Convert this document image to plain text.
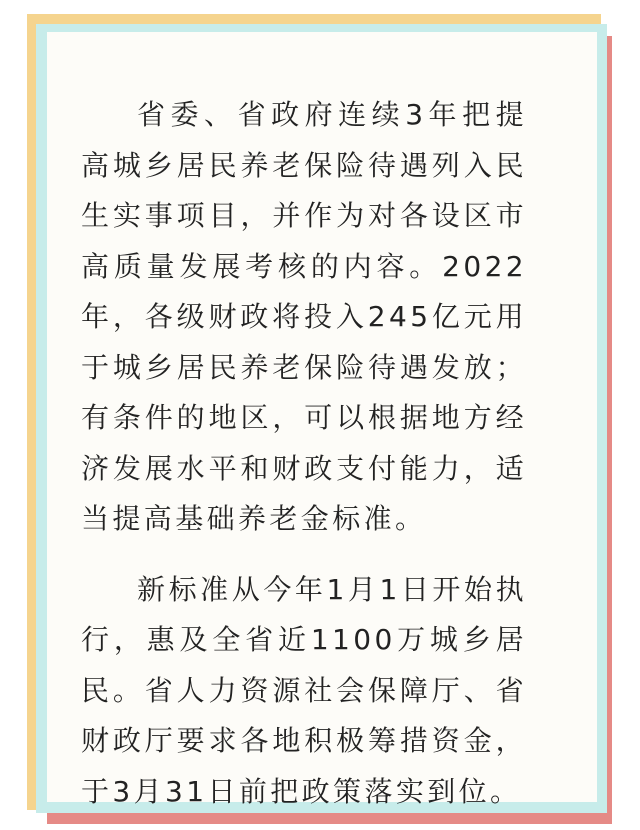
省委、省政府连续3年把提高城乡居民养老保险待遇列入民生实事项目，并作为对各设区市高质量发展考核的内容。2022年，各级财政将投入245亿元用于城乡居民养老保险待遇发放；有条件的地区，可以根据地方经济发展水平和财政支付能力，适当提高基础养老金标准。

新标准从今年1月1日开始执行，惠及全省近1100万城乡居民。省人力资源社会保障厅、省财政厅要求各地积极筹措资金，于3月31日前把政策落实到位。
